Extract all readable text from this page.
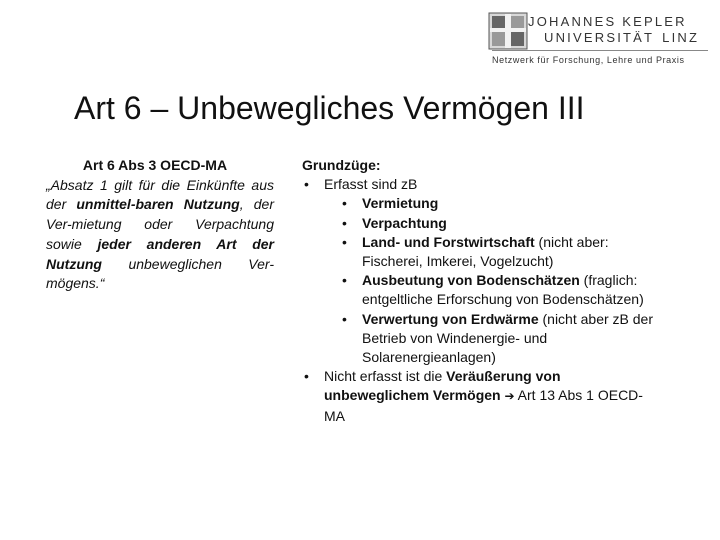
JOHANNES KEPLER
UNIVERSITÄT LINZ
Netzwerk für Forschung, Lehre und Praxis
Art 6 – Unbewegliches Vermögen III
Art 6 Abs 3 OECD-MA

„Absatz 1 gilt für die Einkünfte aus der unmittel-baren Nutzung, der Ver-mietung oder Verpachtung sowie jeder anderen Art der Nutzung unbeweglichen Ver-mögens.“

Grundzüge:
• Erfasst sind zB
• Vermietung
• Verpachtung
• Land- und Forstwirtschaft (nicht aber: Fischerei, Imkerei, Vogelzucht)
• Ausbeutung von Bodenschätzen (fraglich: entgeltliche Erforschung von Bodenschätzen)
• Verwertung von Erdwärme (nicht aber zB der Betrieb von Windenergie- und Solarenergieanlagen)
• Nicht erfasst ist die Veräußerung von unbeweglichem Vermögen ➔ Art 13 Abs 1 OECD-MA
